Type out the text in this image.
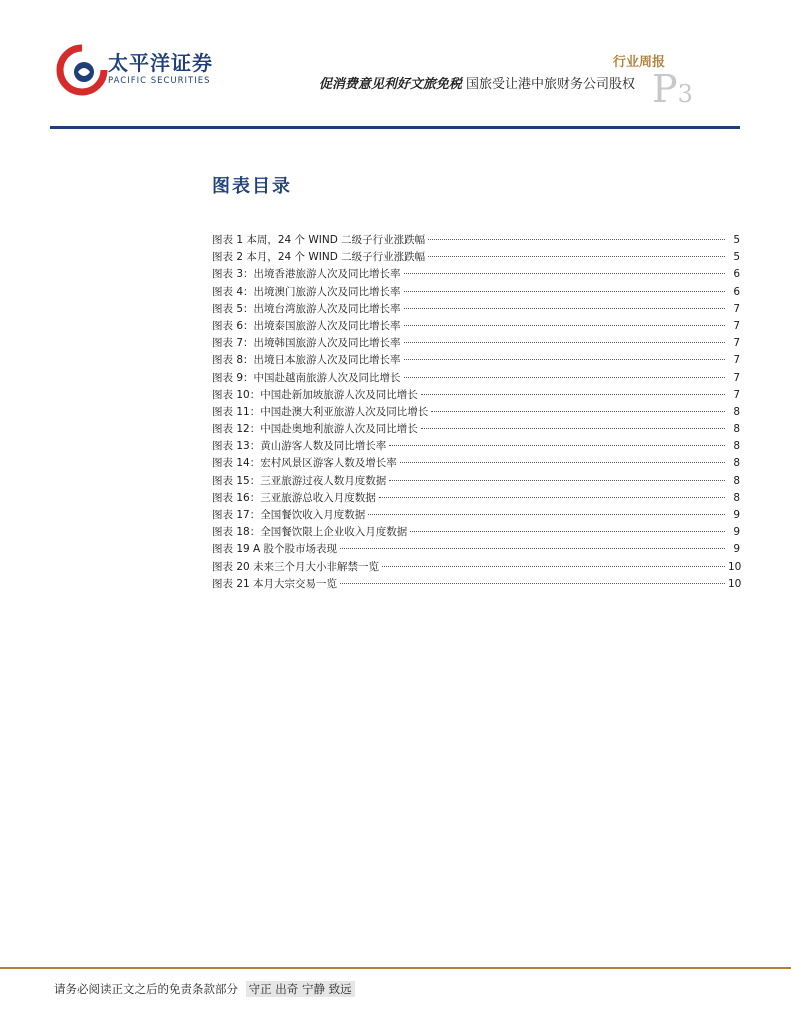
太平洋证券
PACIFIC SECURITIES
行业周报
促消费意见利好文旅免税 国旅受让港中旅财务公司股权 P3
图表目录
图表 1 本周，24 个 WIND 二级子行业涨跌幅	5
图表 2 本月，24 个 WIND 二级子行业涨跌幅	5
图表 3：出境香港旅游人次及同比增长率	6
图表 4：出境澳门旅游人次及同比增长率	6
图表 5：出境台湾旅游人次及同比增长率	7
图表 6：出境泰国旅游人次及同比增长率	7
图表 7：出境韩国旅游人次及同比增长率	7
图表 8：出境日本旅游人次及同比增长率	7
图表 9：中国赴越南旅游人次及同比增长	7
图表 10：中国赴新加坡旅游人次及同比增长	7
图表 11：中国赴澳大利亚旅游人次及同比增长	8
图表 12：中国赴奥地利旅游人次及同比增长	8
图表 13：黄山游客人数及同比增长率	8
图表 14：宏村风景区游客人数及增长率	8
图表 15：三亚旅游过夜人数月度数据	8
图表 16：三亚旅游总收入月度数据	8
图表 17：全国餐饮收入月度数据	9
图表 18：全国餐饮限上企业收入月度数据	9
图表 19 A 股个股市场表现	9
图表 20 未来三个月大小非解禁一览	10
图表 21 本月大宗交易一览	10
请务必阅读正文之后的免责条款部分 守正 出奇 宁静 致远
